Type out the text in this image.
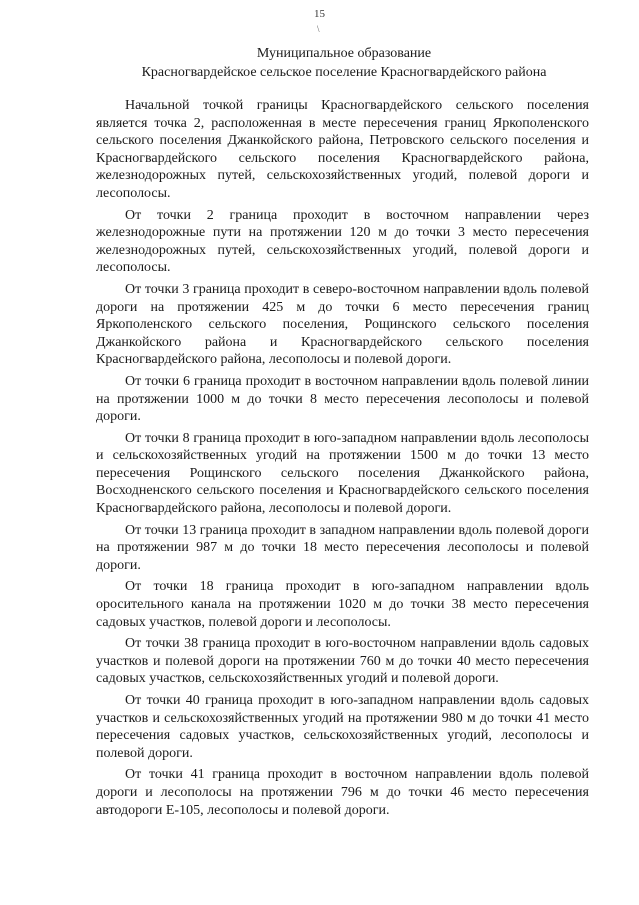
15
\
Муниципальное образование
Красногвардейское сельское поселение Красногвардейского района

Начальной точкой границы Красногвардейского сельского поселения является точка 2, расположенная в месте пересечения границ Яркополенского сельского поселения Джанкойского района, Петровского сельского поселения и Красногвардейского сельского поселения Красногвардейского района, железнодорожных путей, сельскохозяйственных угодий, полевой дороги и лесополосы.

От точки 2 граница проходит в восточном направлении через железнодорожные пути на протяжении 120 м до точки 3 место пересечения железнодорожных путей, сельскохозяйственных угодий, полевой дороги и лесополосы.

От точки 3 граница проходит в северо-восточном направлении вдоль полевой дороги на протяжении 425 м до точки 6 место пересечения границ Яркополенского сельского поселения, Рощинского сельского поселения Джанкойского района и Красногвардейского сельского поселения Красногвардейского района, лесополосы и полевой дороги.

От точки 6 граница проходит в восточном направлении вдоль полевой линии на протяжении 1000 м до точки 8 место пересечения лесополосы и полевой дороги.

От точки 8 граница проходит в юго-западном направлении вдоль лесополосы и сельскохозяйственных угодий на протяжении 1500 м до точки 13 место пересечения Рощинского сельского поселения Джанкойского района, Восходненского сельского поселения и Красногвардейского сельского поселения Красногвардейского района, лесополосы и полевой дороги.

От точки 13 граница проходит в западном направлении вдоль полевой дороги на протяжении 987 м до точки 18 место пересечения лесополосы и полевой дороги.

От точки 18 граница проходит в юго-западном направлении вдоль оросительного канала на протяжении 1020 м до точки 38 место пересечения садовых участков, полевой дороги и лесополосы.

От точки 38 граница проходит в юго-восточном направлении вдоль садовых участков и полевой дороги на протяжении 760 м до точки 40 место пересечения садовых участков, сельскохозяйственных угодий и полевой дороги.

От точки 40 граница проходит в юго-западном направлении вдоль садовых участков и сельскохозяйственных угодий на протяжении 980 м до точки 41 место пересечения садовых участков, сельскохозяйственных угодий, лесополосы и полевой дороги.

От точки 41 граница проходит в восточном направлении вдоль полевой дороги и лесополосы на протяжении 796 м до точки 46 место пересечения автодороги Е-105, лесополосы и полевой дороги.
